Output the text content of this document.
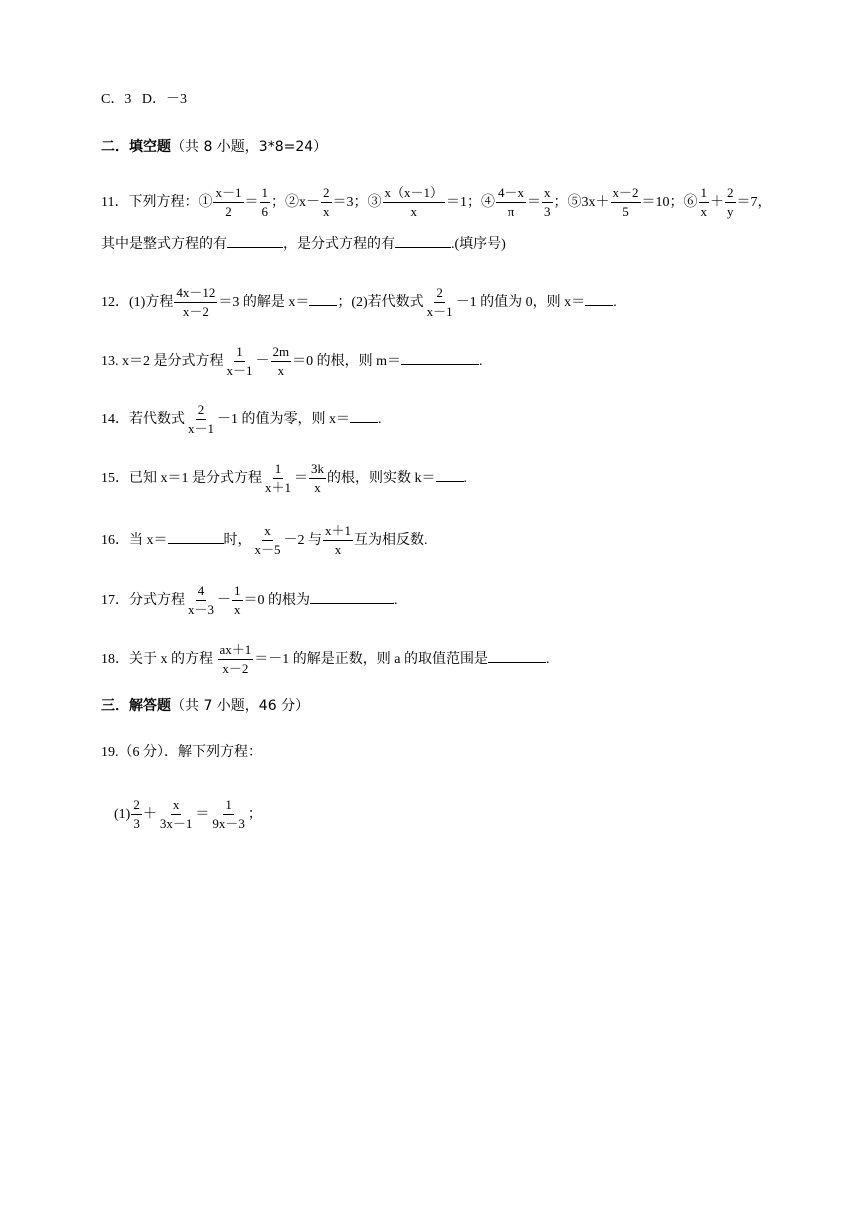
C．3 D．－3
二．填空题（共 8 小题，3*8=24）
11．下列方程：① $\frac{x-1}{2} = \frac{1}{6}$ ；②x－ $\frac{2}{x} =3$；③ $\frac{x(x-1)}{x} =1$；④ $\frac{4-x}{\pi} = \frac{x}{3}$ ；⑤3x＋ $\frac{x-2}{5} =10$；⑥ $\frac{1}{x} + \frac{2}{y} =7$，
其中是整式方程的有	，是分式方程的有	.(填序号)
12．(1)方程 $\frac{4x-12}{x-2} =3$ 的解是 x＝ ；(2)若代数式 $\frac{2}{x-1} -1$ 的值为 0，则 x＝ .
13. x＝2 是分式方程 $\frac{1}{x-1} - \frac{2m}{x} =0$ 的根，则 m＝	.
14．若代数式 $\frac{2}{x-1} -1$ 的值为零，则 x＝ .
15．已知 x＝1 是分式方程 $\frac{1}{x+1} = \frac{3k}{x}$ 的根，则实数 k＝ .
16．当 x＝	时， $\frac{x}{x-5} -2$ 与 $\frac{x+1}{x}$ 互为相反数.
17．分式方程 $\frac{4}{x-3} - \frac{1}{x} =0$ 的根为	.
18．关于 x 的方程 $\frac{ax+1}{x-2} =-1$ 的解是正数，则 a 的取值范围是	.
三．解答题（共 7 小题，46 分）
19.（6 分）．解下列方程：
$(1) \frac{2}{3} + \frac{x}{3x-1} = \frac{1}{9x-3}$ ；
